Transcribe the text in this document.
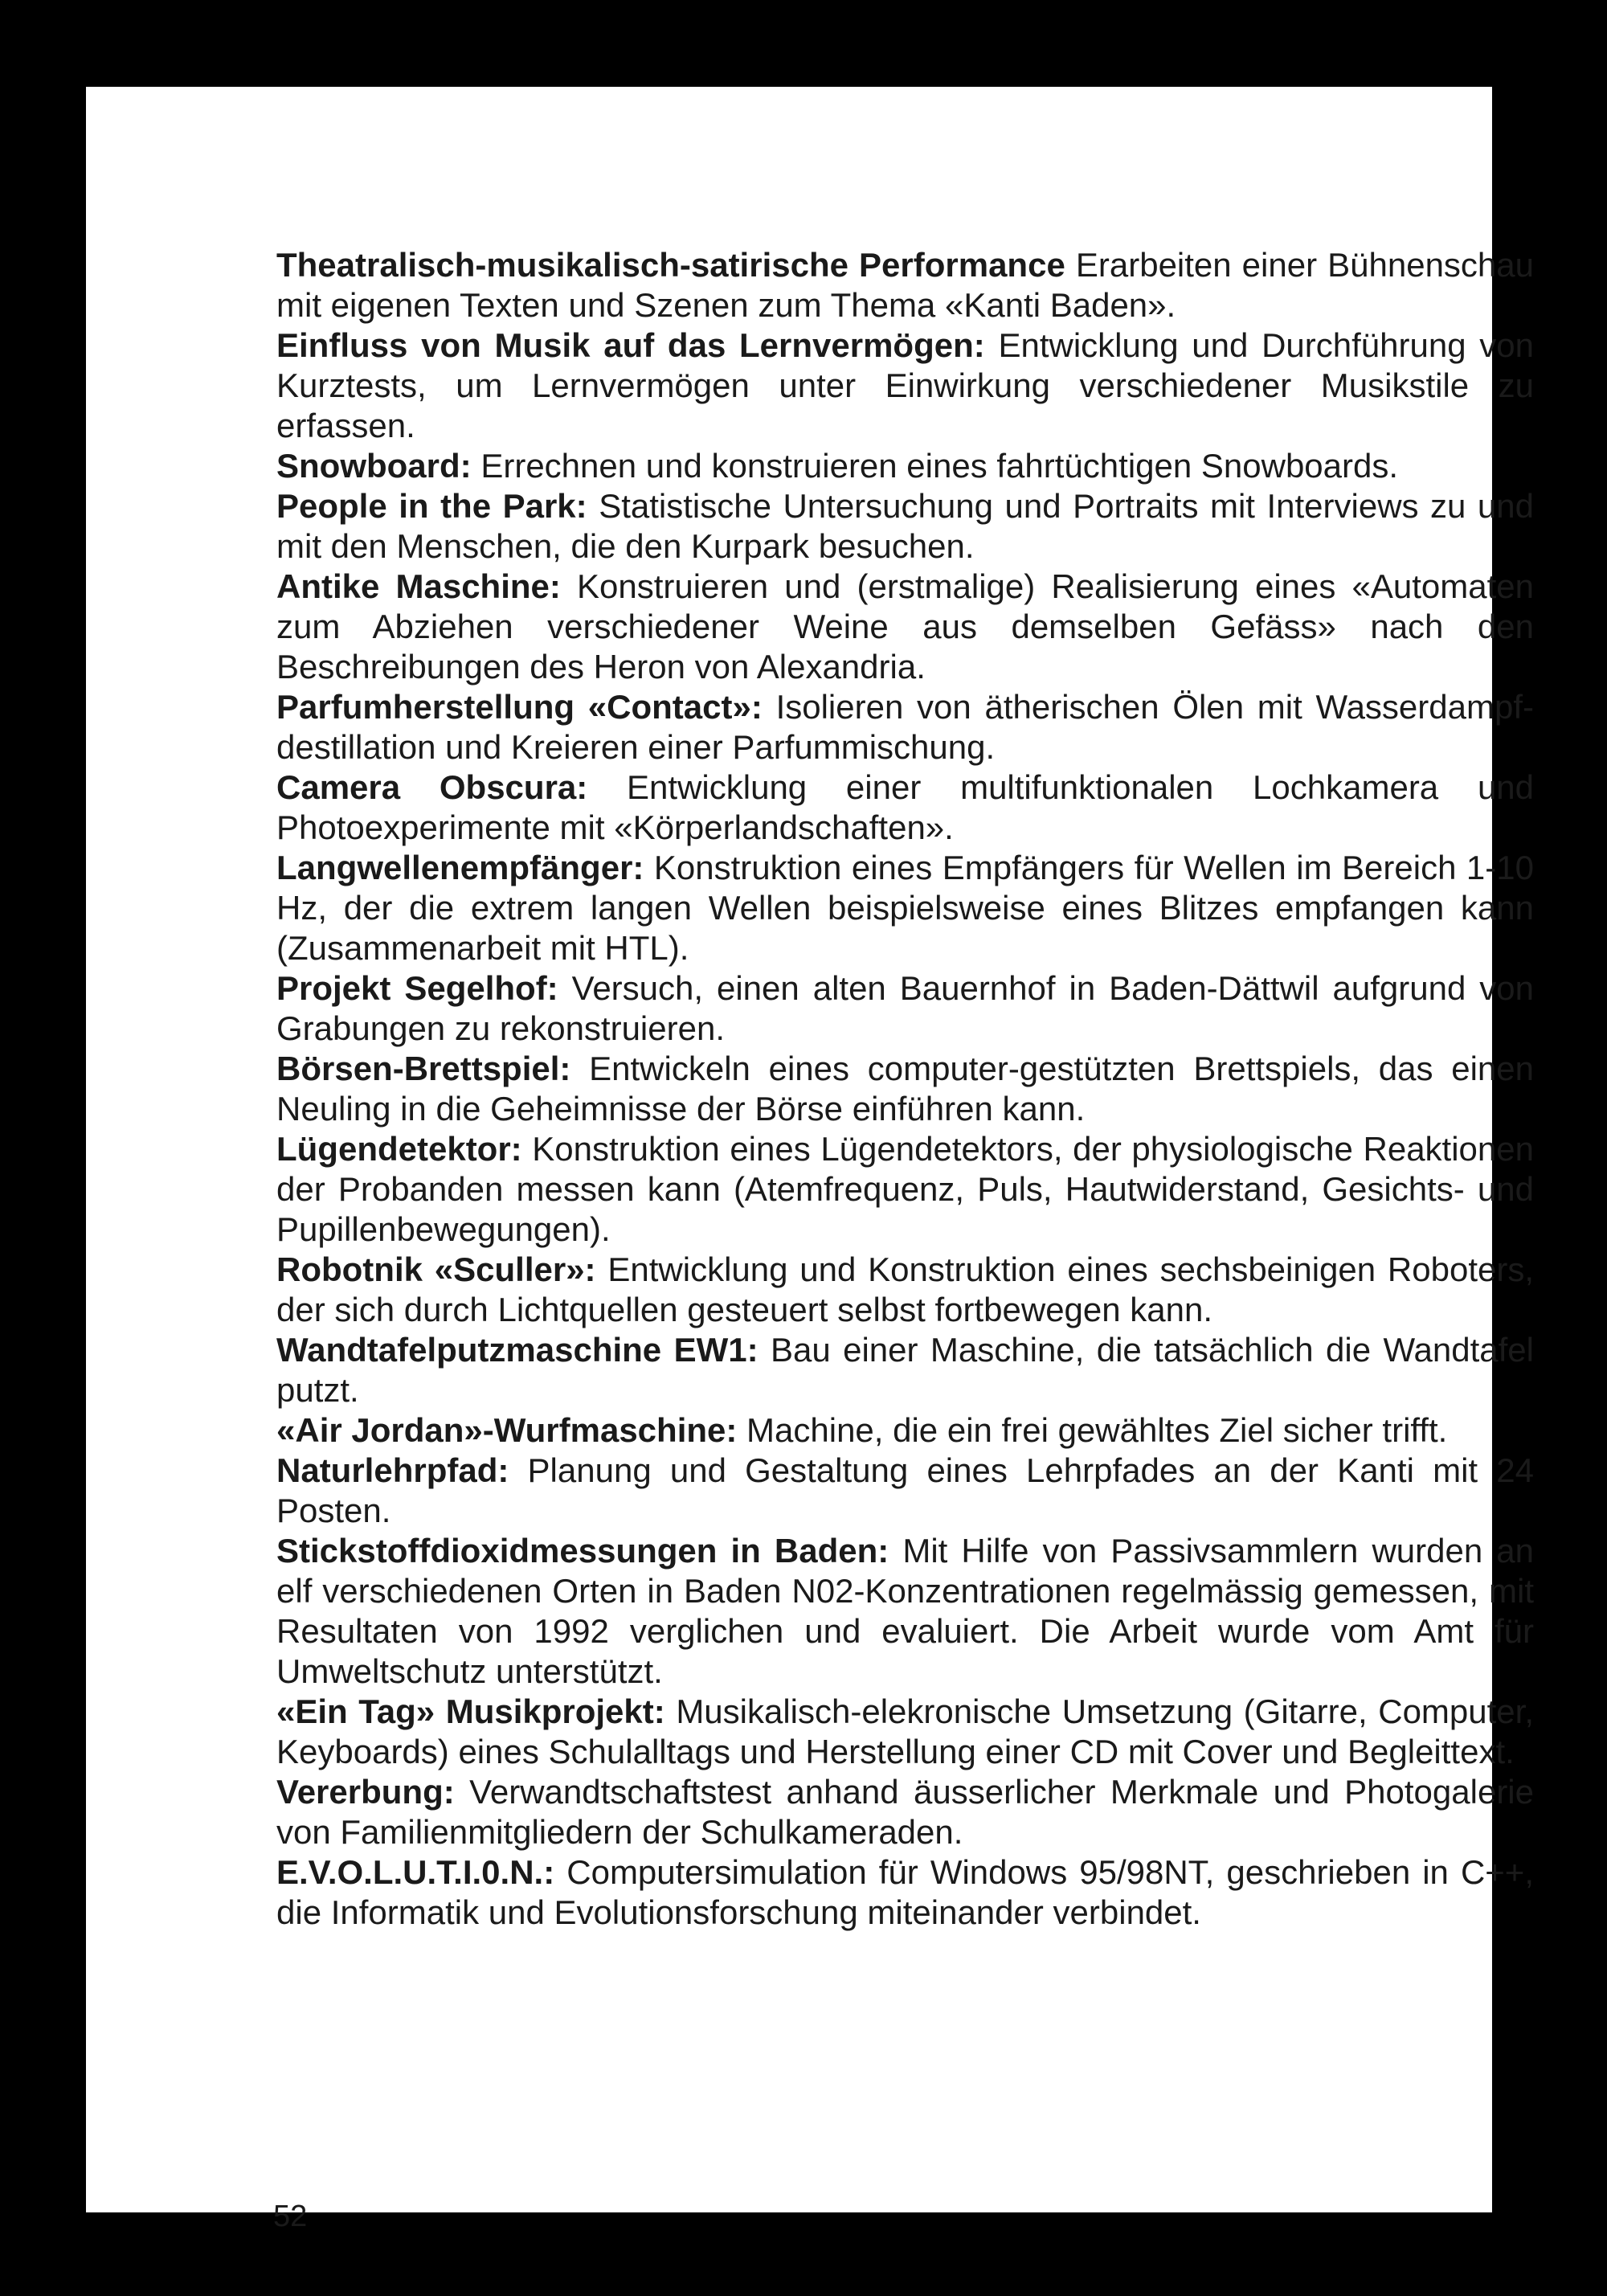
Theatralisch-musikalisch-satirische Performance Erarbeiten einer Bühnenschau mit eigenen Texten und Szenen zum Thema «Kanti Baden».

Einfluss von Musik auf das Lernvermögen: Entwicklung und Durchführung von Kurztests, um Lernvermögen unter Einwirkung verschiedener Musikstile zu erfassen.

Snowboard: Errechnen und konstruieren eines fahrtüchtigen Snowboards.

People in the Park: Statistische Untersuchung und Portraits mit Interviews zu und mit den Menschen, die den Kurpark besuchen.

Antike Maschine: Konstruieren und (erstmalige) Realisierung eines «Automaten zum Abziehen verschiedener Weine aus demselben Gefäss» nach den Beschreibungen des Heron von Alexandria.

Parfumherstellung «Contact»: Isolieren von ätherischen Ölen mit Wasserdampf- destillation und Kreieren einer Parfummischung.

Camera Obscura: Entwicklung einer multifunktionalen Lochkamera und Photoexperimente mit «Körperlandschaften».

Langwellenempfänger: Konstruktion eines Empfängers für Wellen im Bereich 1-10 Hz, der die extrem langen Wellen beispielsweise eines Blitzes empfangen kann (Zusammenarbeit mit HTL).

Projekt Segelhof: Versuch, einen alten Bauernhof in Baden-Dättwil aufgrund von Grabungen zu rekonstruieren.

Börsen-Brettspiel: Entwickeln eines computer-gestützten Brettspiels, das einen Neuling in die Geheimnisse der Börse einführen kann.

Lügendetektor: Konstruktion eines Lügendetektors, der physiologische Reaktionen der Probanden messen kann (Atemfrequenz, Puls, Hautwiderstand, Gesichts- und Pupillenbewegungen).

Robotnik «Sculler»: Entwicklung und Konstruktion eines sechsbeinigen Roboters, der sich durch Lichtquellen gesteuert selbst fortbewegen kann.

Wandtafelputzmaschine EW1: Bau einer Maschine, die tatsächlich die Wandtafel putzt.

«Air Jordan»-Wurfmaschine: Machine, die ein frei gewähltes Ziel sicher trifft.

Naturlehrpfad: Planung und Gestaltung eines Lehrpfades an der Kanti mit 24 Posten.

Stickstoffdioxidmessungen in Baden: Mit Hilfe von Passivsammlern wurden an elf verschiedenen Orten in Baden N02-Konzentrationen regelmässig gemessen, mit Resultaten von 1992 verglichen und evaluiert. Die Arbeit wurde vom Amt für Umweltschutz unterstützt.

«Ein Tag» Musikprojekt: Musikalisch-elekronische Umsetzung (Gitarre, Computer, Keyboards) eines Schulalltags und Herstellung einer CD mit Cover und Begleittext.

Vererbung: Verwandtschaftstest anhand äusserlicher Merkmale und Photogalerie von Familienmitgliedern der Schulkameraden.

E.V.O.L.U.T.I.0.N.: Computersimulation für Windows 95/98NT, geschrieben in C++, die Informatik und Evolutionsforschung miteinander verbindet.

52
